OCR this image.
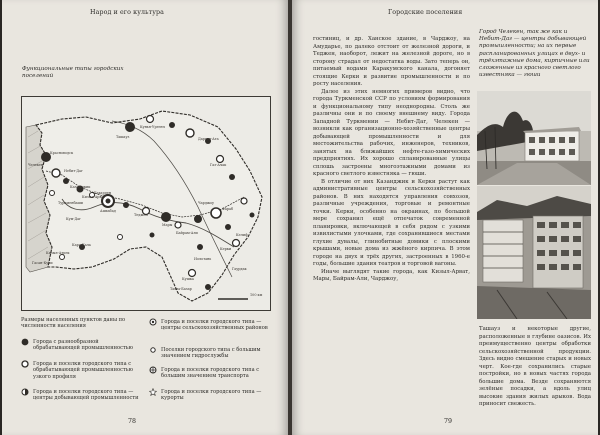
Народ и его культура
Функциональные типы городских поселений
Ташауз
Кунья-Ургенч
Красноводск
Небит-Даг
Челекен
Казанджик
Кизыл-Арват
Бахарден
Ашхабад
Теджен
Мары
Байрам-Али
Кушка
Чарджоу
Керки
Кара-Кала
Кизыл-Атрек
Гасан-Кули
Иолотань
Туркменбаши
Фараб
Дарган-Ата
Газ-Ачак
Кум-Даг
Гаурдак
Келиф
Тахта-Базар
100 км
Размеры населенных пунктов даны по численности населения
Города с разнообразной обрабатывающей промышленностью
Города и поселки городского типа с обрабатывающей промышленностью узкого профиля
Города и поселки городского типа — центры добывающей промышленности
Города и поселки городского типа — центры сельскохозяйственных районов
Поселки городского типа с большим значением гидрослужбы
Города и поселки городского типа с большим значением транспорта
Города и поселки городского типа — курорты
78
Городские поселения

гостиниц, и др. Ханское здание, в Чарджоу, на Амударье, по далеко отстоит от железной дороги, и Теджен, наоборот, лежит на железной дороге, но в сторону страдал от недостатка воды. Зато теперь он, питаемый водами Каракумского канала, догоняет стоящие Керки и развитие промышленности и по росту населения.

Далее из этих немногих примеров видно, что города Туркменской ССР по условиям формирования и функциональному типу неоднородны. Столь же различны они и по своему внешнему виду. Города Западной Туркмении — Небит-Даг, Челекен — возникли как организационно-хозяйственные центры добывающей промышленности и для местожительства рабочих, инженеров, техников, занятых на ближайших нефте-газо-химических предприятиях. Их хорошо спланированные улицы сплошь застроены многоэтажными домами из красного светлого известняка — гюши.

В отличие от них Казанджик и Керки растут как административные центры сельскохозяйственных районов. В них находятся управления совхозов, различные учреждения, торговые и ремонтные точки. Керки, особенно на окраинах, по большой мере сохранил ещё отпечаток современной планировки, включающей в себя рядом с узкими извилистыми улочками, где сохранившиеся местами глухие дувалы, глинобитные домики с плоскими крышами, новые дома из жжёного кирпича. В этом городе на двух и трёх других, застроенных в 1960-е годы, большие здания театров и торговой вагоны.

Иначе выглядят такие города, как Кизыл-Арват, Мары, Байрам-Али, Чарджоу,

Город Челекен, так же как и Небит-Даг — центры добывающей промышленности; на их первые распланированных улицах в двух- и трёхэтажные дома, кирпичные или сложенные из красного светлого известняка — гюши

Ташауз и некоторые другие, расположенные в глубине оазисов. Их преимущественно центры обработки сельскохозяйственной продукции. Здесь видно смешение старых и новых черт. Кое-где сохранились старые постройки, но в новых частях города большие дома. Везде сохраняются зелёные посадки, а вдоль улиц высокие здания жилых арыков. Вода приносит свежесть.

79
